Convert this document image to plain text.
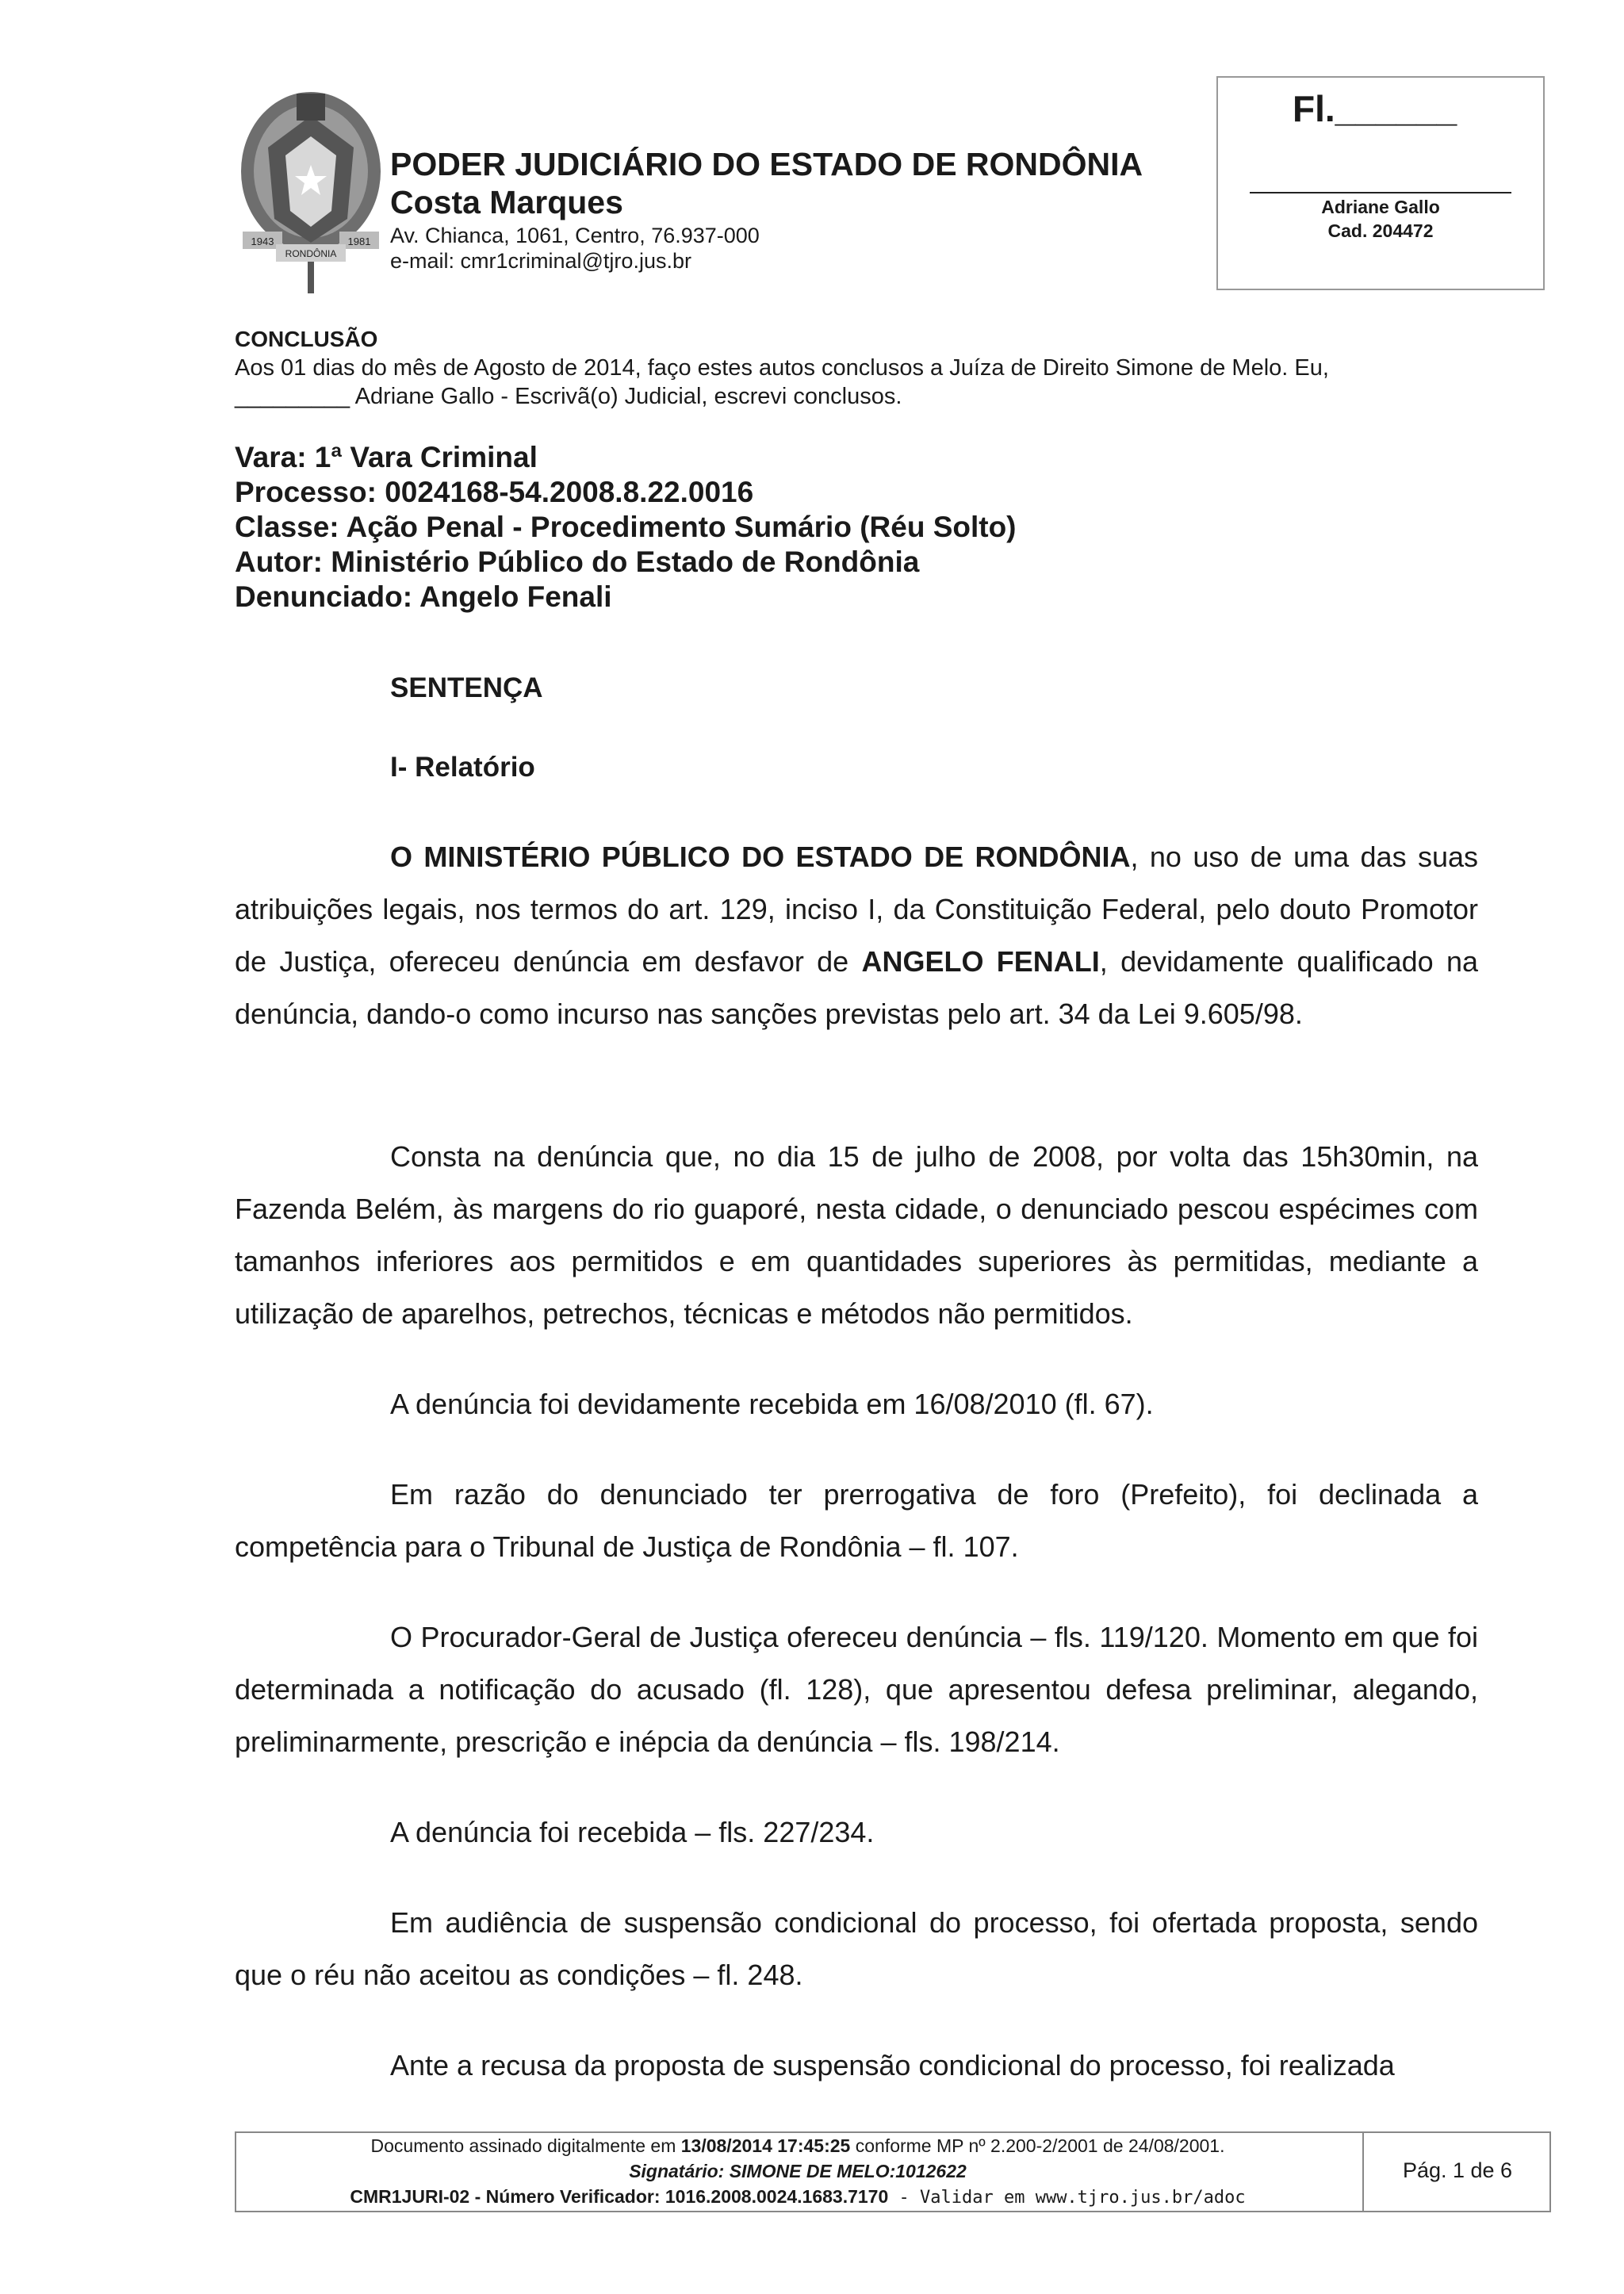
1943	1981
RONDÔNIA
PODER JUDICIÁRIO DO ESTADO DE RONDÔNIA
Costa Marques
Av. Chianca, 1061, Centro, 76.937-000
e-mail: cmr1criminal@tjro.jus.br
Fl.______
Adriane Gallo
Cad. 204472
CONCLUSÃO
Aos 01 dias do mês de Agosto de 2014, faço estes autos conclusos a Juíza de Direito Simone de Melo. Eu,
_________ Adriane Gallo - Escrivã(o) Judicial, escrevi conclusos.
Vara: 1ª Vara Criminal
Processo: 0024168-54.2008.8.22.0016
Classe: Ação Penal - Procedimento Sumário (Réu Solto)
Autor: Ministério Público do Estado de Rondônia
Denunciado: Angelo Fenali
SENTENÇA
I- Relatório

O MINISTÉRIO PÚBLICO DO ESTADO DE RONDÔNIA, no uso de uma das suas atribuições legais, nos termos do art. 129, inciso I, da Constituição Federal, pelo douto Promotor de Justiça, ofereceu denúncia em desfavor de ANGELO FENALI, devidamente qualificado na denúncia, dando-o como incurso nas sanções previstas pelo art. 34 da Lei 9.605/98.

Consta na denúncia que, no dia 15 de julho de 2008, por volta das 15h30min, na Fazenda Belém, às margens do rio guaporé, nesta cidade, o denunciado pescou espécimes com tamanhos inferiores aos permitidos e em quantidades superiores às permitidas, mediante a utilização de aparelhos, petrechos, técnicas e métodos não permitidos.

A denúncia foi devidamente recebida em 16/08/2010 (fl. 67).

Em razão do denunciado ter prerrogativa de foro (Prefeito), foi declinada a competência para o Tribunal de Justiça de Rondônia – fl. 107.

O Procurador-Geral de Justiça ofereceu denúncia – fls. 119/120. Momento em que foi determinada a notificação do acusado (fl. 128), que apresentou defesa preliminar, alegando, preliminarmente, prescrição e inépcia da denúncia – fls. 198/214.

A denúncia foi recebida – fls. 227/234.

Em audiência de suspensão condicional do processo, foi ofertada proposta, sendo que o réu não aceitou as condições – fl. 248.

Ante a recusa da proposta de suspensão condicional do processo, foi realizada

Documento assinado digitalmente em 13/08/2014 17:45:25 conforme MP nº 2.200-2/2001 de 24/08/2001.
Signatário: SIMONE DE MELO:1012622
CMR1JURI-02 - Número Verificador: 1016.2008.0024.1683.7170 - Validar em www.tjro.jus.br/adoc
Pág. 1 de 6
